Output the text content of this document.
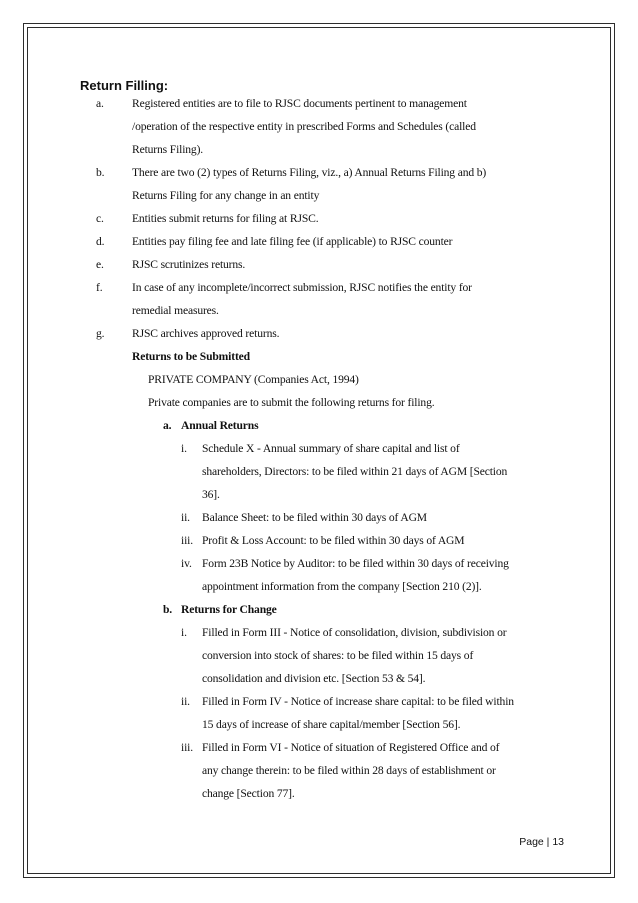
Return Filling:
a. Registered entities are to file to RJSC documents pertinent to management
/operation of the respective entity in prescribed Forms and Schedules (called
Returns Filing).
b. There are two (2) types of Returns Filing, viz., a) Annual Returns Filing and b)
Returns Filing for any change in an entity
c. Entities submit returns for filing at RJSC.
d. Entities pay filing fee and late filing fee (if applicable) to RJSC counter
e. RJSC scrutinizes returns.
f.	In case of any incomplete/incorrect submission, RJSC notifies the entity for
remedial measures.
g. RJSC archives approved returns.
Returns to be Submitted
PRIVATE COMPANY (Companies Act, 1994)
Private companies are to submit the following returns for filing.
a. Annual Returns
i. Schedule X - Annual summary of share capital and list of
shareholders, Directors: to be filed within 21 days of AGM [Section
36].
ii. Balance Sheet: to be filed within 30 days of AGM
iii. Profit & Loss Account: to be filed within 30 days of AGM
iv. Form 23B Notice by Auditor: to be filed within 30 days of receiving
appointment information from the company [Section 210 (2)].
b. Returns for Change
i. Filled in Form III - Notice of consolidation, division, subdivision or
conversion into stock of shares: to be filed within 15 days of
consolidation and division etc. [Section 53 & 54].
ii. Filled in Form IV - Notice of increase share capital: to be filed within
15 days of increase of share capital/member [Section 56].
iii. Filled in Form VI - Notice of situation of Registered Office and of
any change therein: to be filed within 28 days of establishment or
change [Section 77].
Page | 13
